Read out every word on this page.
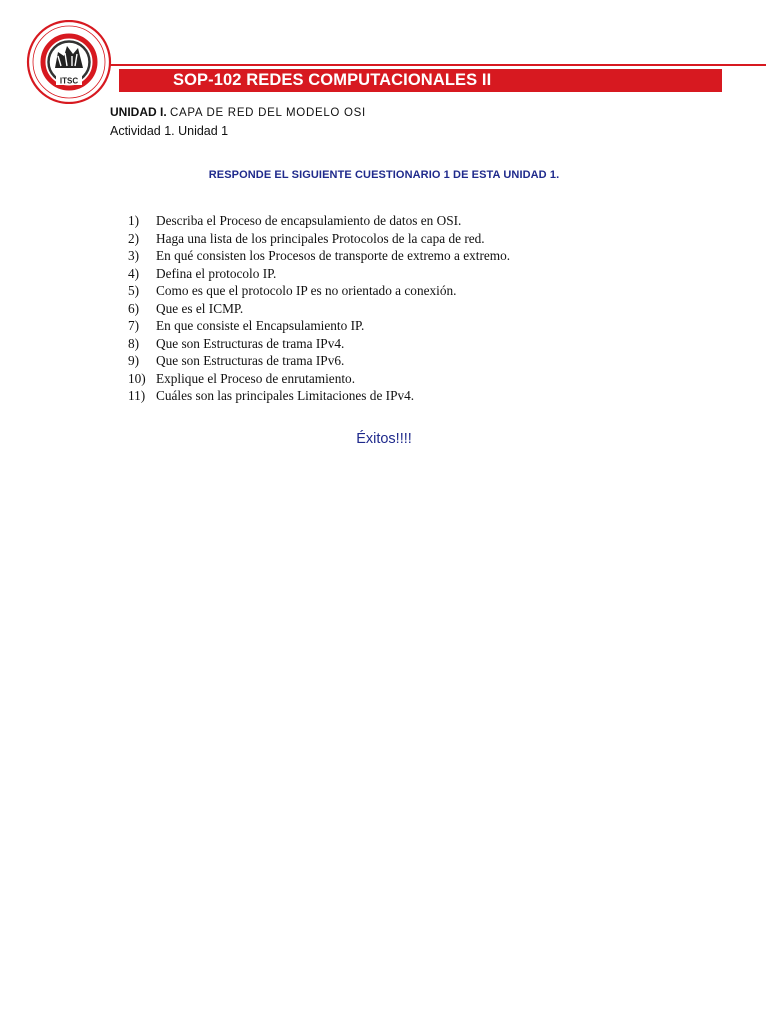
ITSC	SOP-102 REDES COMPUTACIONALES II
UNIDAD I. CAPA DE RED DEL MODELO OSI
Actividad 1. Unidad 1
RESPONDE EL SIGUIENTE CUESTIONARIO 1 DE ESTA UNIDAD 1.
1) Describa el Proceso de encapsulamiento de datos en OSI.
2) Haga una lista de los principales Protocolos de la capa de red.
3) En qué consisten los Procesos de transporte de extremo a extremo.
4) Defina el protocolo IP.
5) Como es que el protocolo IP es no orientado a conexión.
6) Que es el ICMP.
7) En que consiste el Encapsulamiento IP.
8) Que son Estructuras de trama IPv4.
9) Que son Estructuras de trama IPv6.
10) Explique el Proceso de enrutamiento.
11) Cuáles son las principales Limitaciones de IPv4.
Éxitos!!!!
